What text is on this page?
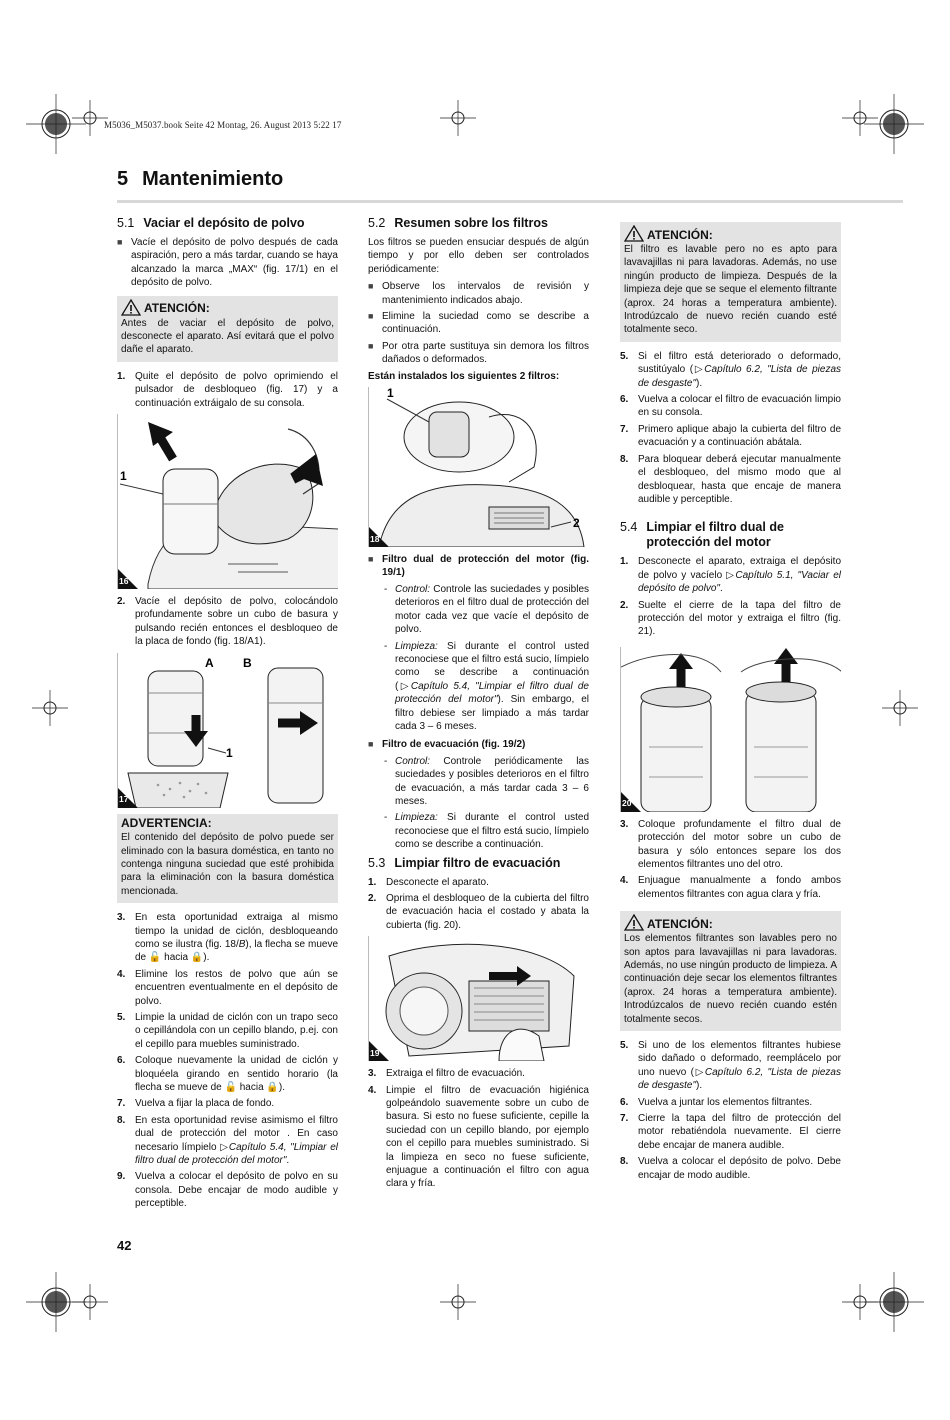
M5036_M5037.book Seite 42 Montag, 26. August 2013 5:22 17
5 Mantenimiento
5.1 Vaciar el depósito de polvo
■ Vacíe el depósito de polvo después de cada aspiración, pero a más tardar, cuando se haya alcanzado la marca „MAX“ (fig. 17/1) en el depósito de polvo.
ATENCIÓN:

Antes de vaciar el depósito de polvo, desconecte el aparato. Así evitará que el polvo dañe el aparato.

1. Quite el depósito de polvo oprimiendo el pulsador de desbloqueo (fig. 17) y a continuación extráigalo de su consola.
1
16
2. Vacíe el depósito de polvo, colocándolo profundamente sobre un cubo de basura y pulsando recién entonces el desbloqueo de la placa de fondo (fig. 18/A1).
A B
1
17
ADVERTENCIA:

El contenido del depósito de polvo puede ser eliminado con la basura doméstica, en tanto no contenga ninguna suciedad que esté prohibida para la eliminación con la basura doméstica mencionada.

3. En esta oportunidad extraiga al mismo tiempo la unidad de ciclón, desbloqueando como se ilustra (fig. 18/B), la flecha se mueve de 🔓 hacia 🔒).
4. Elimine los restos de polvo que aún se encuentren eventualmente en el depósito de polvo.
5. Limpie la unidad de ciclón con un trapo seco o cepillándola con un cepillo blando, p.ej. con el cepillo para muebles suministrado.
6. Coloque nuevamente la unidad de ciclón y bloquéela girando en sentido horario (la flecha se mueve de 🔓 hacia 🔒).
7. Vuelva a fijar la placa de fondo.
8. En esta oportunidad revise asimismo el filtro dual de protección del motor . En caso necesario límpielo ▷Capítulo 5.4, "Limpiar el filtro dual de protección del motor".
9. Vuelva a colocar el depósito de polvo en su consola. Debe encajar de modo audible y perceptible.
5.2 Resumen sobre los filtros

Los filtros se pueden ensuciar después de algún tiempo y por ello deben ser controlados periódicamente:

■ Observe los intervalos de revisión y mantenimiento indicados abajo.
■ Elimine la suciedad como se describe a continuación.
■ Por otra parte sustituya sin demora los filtros dañados o deformados.

Están instalados los siguientes 2 filtros:

1
2
18
■ Filtro dual de protección del motor (fig. 19/1)
- Control: Controle las suciedades y posibles deterioros en el filtro dual de protección del motor cada vez que vacíe el depósito de polvo.
- Limpieza: Si durante el control usted reconociese que el filtro está sucio, límpielo como se describe a continuación (▷Capítulo 5.4, "Limpiar el filtro dual de protección del motor"). Sin embargo, el filtro debiese ser limpiado a más tardar cada 3 – 6 meses.
■ Filtro de evacuación (fig. 19/2)
- Control: Controle periódicamente las suciedades y posibles deterioros en el filtro de evacuación, a más tardar cada 3 – 6 meses.
- Limpieza: Si durante el control usted reconociese que el filtro está sucio, límpielo como se describe a continuación.
5.3 Limpiar filtro de evacuación
1. Desconecte el aparato.
2. Oprima el desbloqueo de la cubierta del filtro de evacuación hacia el costado y abata la cubierta (fig. 20).
19
3. Extraiga el filtro de evacuación.
4. Limpie el filtro de evacuación higiénica golpeándolo suavemente sobre un cubo de basura. Si esto no fuese suficiente, cepille la suciedad con un cepillo blando, por ejemplo con el cepillo para muebles suministrado. Si la limpieza en seco no fuese suficiente, enjuague a continuación el filtro con agua clara y fría.
ATENCIÓN:

El filtro es lavable pero no es apto para lavavajillas ni para lavadoras. Además, no use ningún producto de limpieza. Después de la limpieza deje que se seque el elemento filtrante (aprox. 24 horas a temperatura ambiente). Introdúzcalo de nuevo recién cuando esté totalmente seco.

5. Si el filtro está deteriorado o deformado, sustitúyalo (▷Capítulo 6.2, "Lista de piezas de desgaste").
6. Vuelva a colocar el filtro de evacuación limpio en su consola.
7. Primero aplique abajo la cubierta del filtro de evacuación y a continuación abátala.
8. Para bloquear deberá ejecutar manualmente el desbloqueo, del mismo modo que al desbloquear, hasta que encaje de manera audible y perceptible.
5.4 Limpiar el filtro dual de protección del motor
1. Desconecte el aparato, extraiga el depósito de polvo y vacíelo ▷Capítulo 5.1, "Vaciar el depósito de polvo".
2. Suelte el cierre de la tapa del filtro de protección del motor y extraiga el filtro (fig. 21).
20
3. Coloque profundamente el filtro dual de protección del motor sobre un cubo de basura y sólo entonces separe los dos elementos filtrantes uno del otro.
4. Enjuague manualmente a fondo ambos elementos filtrantes con agua clara y fría.
ATENCIÓN:

Los elementos filtrantes son lavables pero no son aptos para lavavajillas ni para lavadoras. Además, no use ningún producto de limpieza. A continuación deje secar los elementos filtrantes (aprox. 24 horas a temperatura ambiente). Introdúzcalos de nuevo recién cuando estén totalmente secos.

5. Si uno de los elementos filtrantes hubiese sido dañado o deformado, reemplácelo por uno nuevo (▷Capítulo 6.2, "Lista de piezas de desgaste").
6. Vuelva a juntar los elementos filtrantes.
7. Cierre la tapa del filtro de protección del motor rebatiéndola nuevamente. El cierre debe encajar de manera audible.
8. Vuelva a colocar el depósito de polvo. Debe encajar de modo audible.
42
